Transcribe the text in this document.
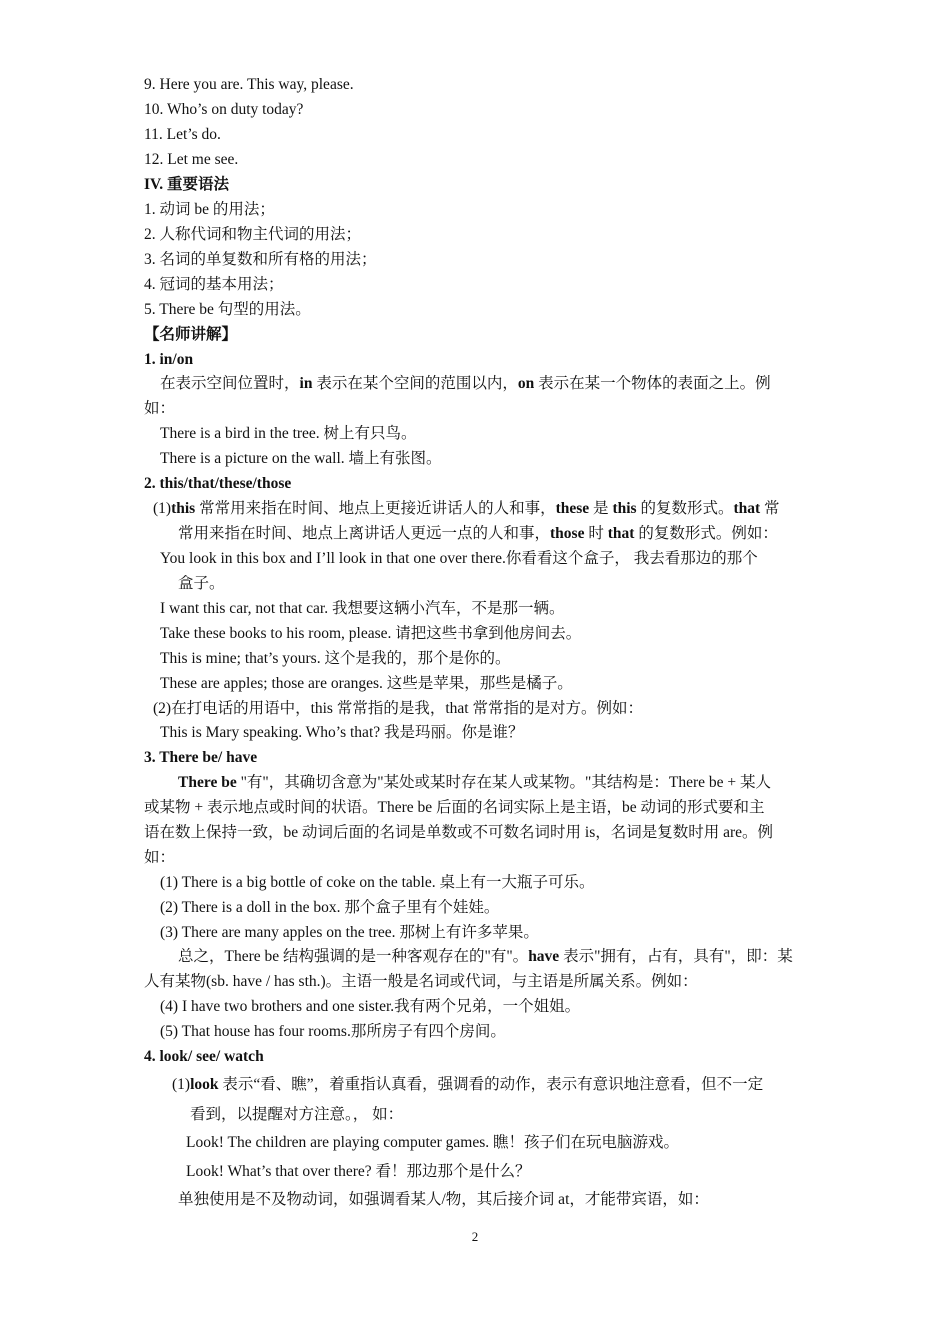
9. Here you are. This way, please.
10. Who’s on duty today?
11. Let’s do.
12. Let me see.
IV. 重要语法
1. 动词 be 的用法；
2. 人称代词和物主代词的用法；
3. 名词的单复数和所有格的用法；
4. 冠词的基本用法；
5. There be 句型的用法。
【名师讲解】
1. in/on
在表示空间位置时，in 表示在某个空间的范围以内，on 表示在某一个物体的表面之上。例
如：
There is a bird in the tree. 树上有只鸟。
There is a picture on the wall. 墙上有张图。
2. this/that/these/those
(1)this 常常用来指在时间、地点上更接近讲话人的人和事，these 是 this 的复数形式。that 常
常用来指在时间、地点上离讲话人更远一点的人和事，those 时 that 的复数形式。例如：
You look in this box and I’ll look in that one over there.你看看这个盒子， 我去看那边的那个
盒子。
I want this car, not that car. 我想要这辆小汽车，不是那一辆。
Take these books to his room, please. 请把这些书拿到他房间去。
This is mine; that’s yours. 这个是我的，那个是你的。
These are apples; those are oranges. 这些是苹果，那些是橘子。
(2)在打电话的用语中，this 常常指的是我，that 常常指的是对方。例如：
This is Mary speaking. Who’s that? 我是玛丽。你是谁？
3. There be/ have
There be "有"，其确切含意为"某处或某时存在某人或某物。"其结构是：There be + 某人
或某物 + 表示地点或时间的状语。There be 后面的名词实际上是主语，be 动词的形式要和主
语在数上保持一致，be 动词后面的名词是单数或不可数名词时用 is，名词是复数时用 are。例
如：
(1) There is a big bottle of coke on the table. 桌上有一大瓶子可乐。
(2) There is a doll in the box. 那个盒子里有个娃娃。
(3) There are many apples on the tree. 那树上有许多苹果。
总之，There be 结构强调的是一种客观存在的"有"。have 表示"拥有，占有，具有"，即：某
人有某物(sb. have / has sth.)。主语一般是名词或代词，与主语是所属关系。例如：
(4) I have two brothers and one sister.我有两个兄弟，一个姐姐。
(5) That house has four rooms.那所房子有四个房间。
4. look/ see/ watch
(1)look 表示“看、瞧”，着重指认真看，强调看的动作，表示有意识地注意看，但不一定
看到，以提醒对方注意。， 如：
Look! The children are playing computer games. 瞧！孩子们在玩电脑游戏。
Look! What’s that over there? 看！那边那个是什么？
单独使用是不及物动词，如强调看某人/物，其后接介词 at，才能带宾语，如：
2
